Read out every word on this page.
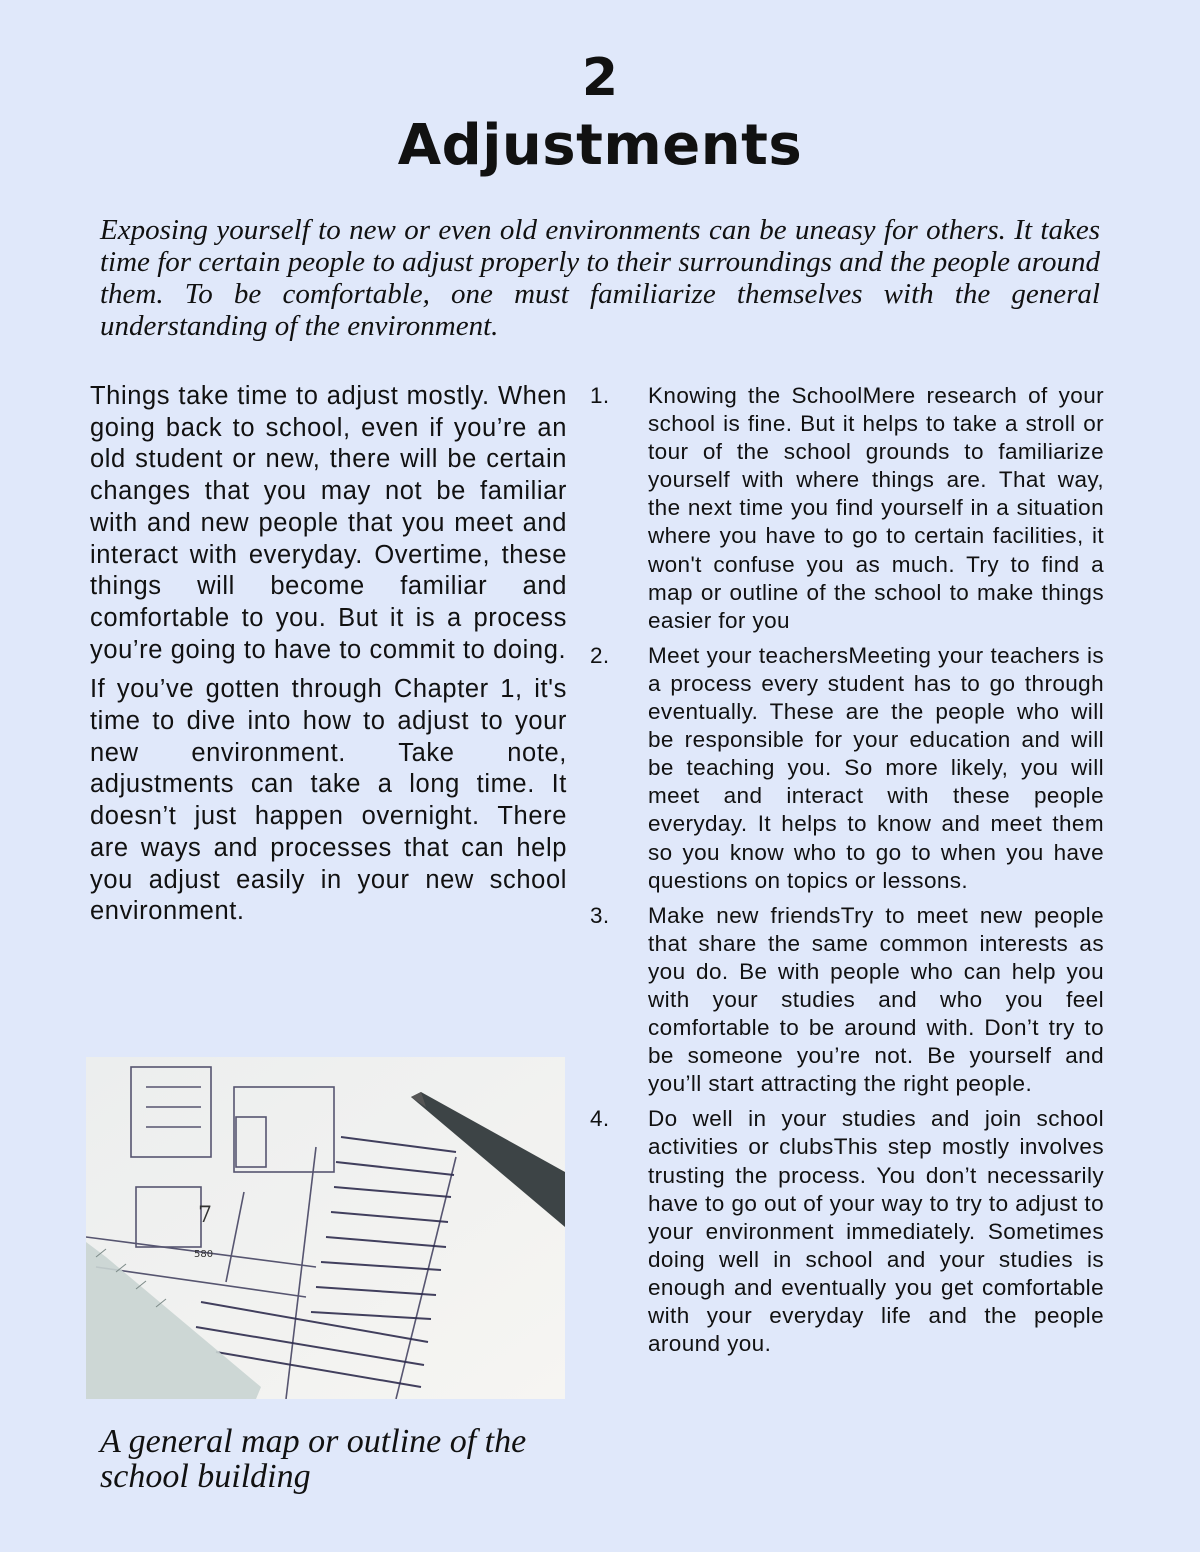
2
Adjustments
Exposing yourself to new or even old environments can be uneasy for others. It takes time for certain people to adjust properly to their surroundings and the people around them. To be comfortable, one must familiarize themselves with the general understanding of the environment.

Things take time to adjust mostly. When going back to school, even if you’re an old student or new, there will be certain changes that you may not be familiar with and new people that you meet and interact with everyday. Overtime, these things will become familiar and comfortable to you. But it is a process you’re going to have to commit to doing.

If you’ve gotten through Chapter 1, it's time to dive into how to adjust to your new environment. Take note, adjustments can take a long time. It doesn’t just happen overnight. There are ways and processes that can help you adjust easily in your new school environment.

7
580
A general map or outline of the school building
1. Knowing the SchoolMere research of your school is fine. But it helps to take a stroll or tour of the school grounds to familiarize yourself with where things are. That way, the next time you find yourself in a situation where you have to go to certain facilities, it won't confuse you as much. Try to find a map or outline of the school to make things easier for you
2. Meet your teachersMeeting your teachers is a process every student has to go through eventually. These are the people who will be responsible for your education and will be teaching you. So more likely, you will meet and interact with these people everyday. It helps to know and meet them so you know who to go to when you have questions on topics or lessons.
3. Make new friendsTry to meet new people that share the same common interests as you do. Be with people who can help you with your studies and who you feel comfortable to be around with. Don’t try to be someone you’re not. Be yourself and you’ll start attracting the right people.
4. Do well in your studies and join school activities or clubsThis step mostly involves trusting the process. You don’t necessarily have to go out of your way to try to adjust to your environment immediately. Sometimes doing well in school and your studies is enough and eventually you get comfortable with your everyday life and the people around you.
